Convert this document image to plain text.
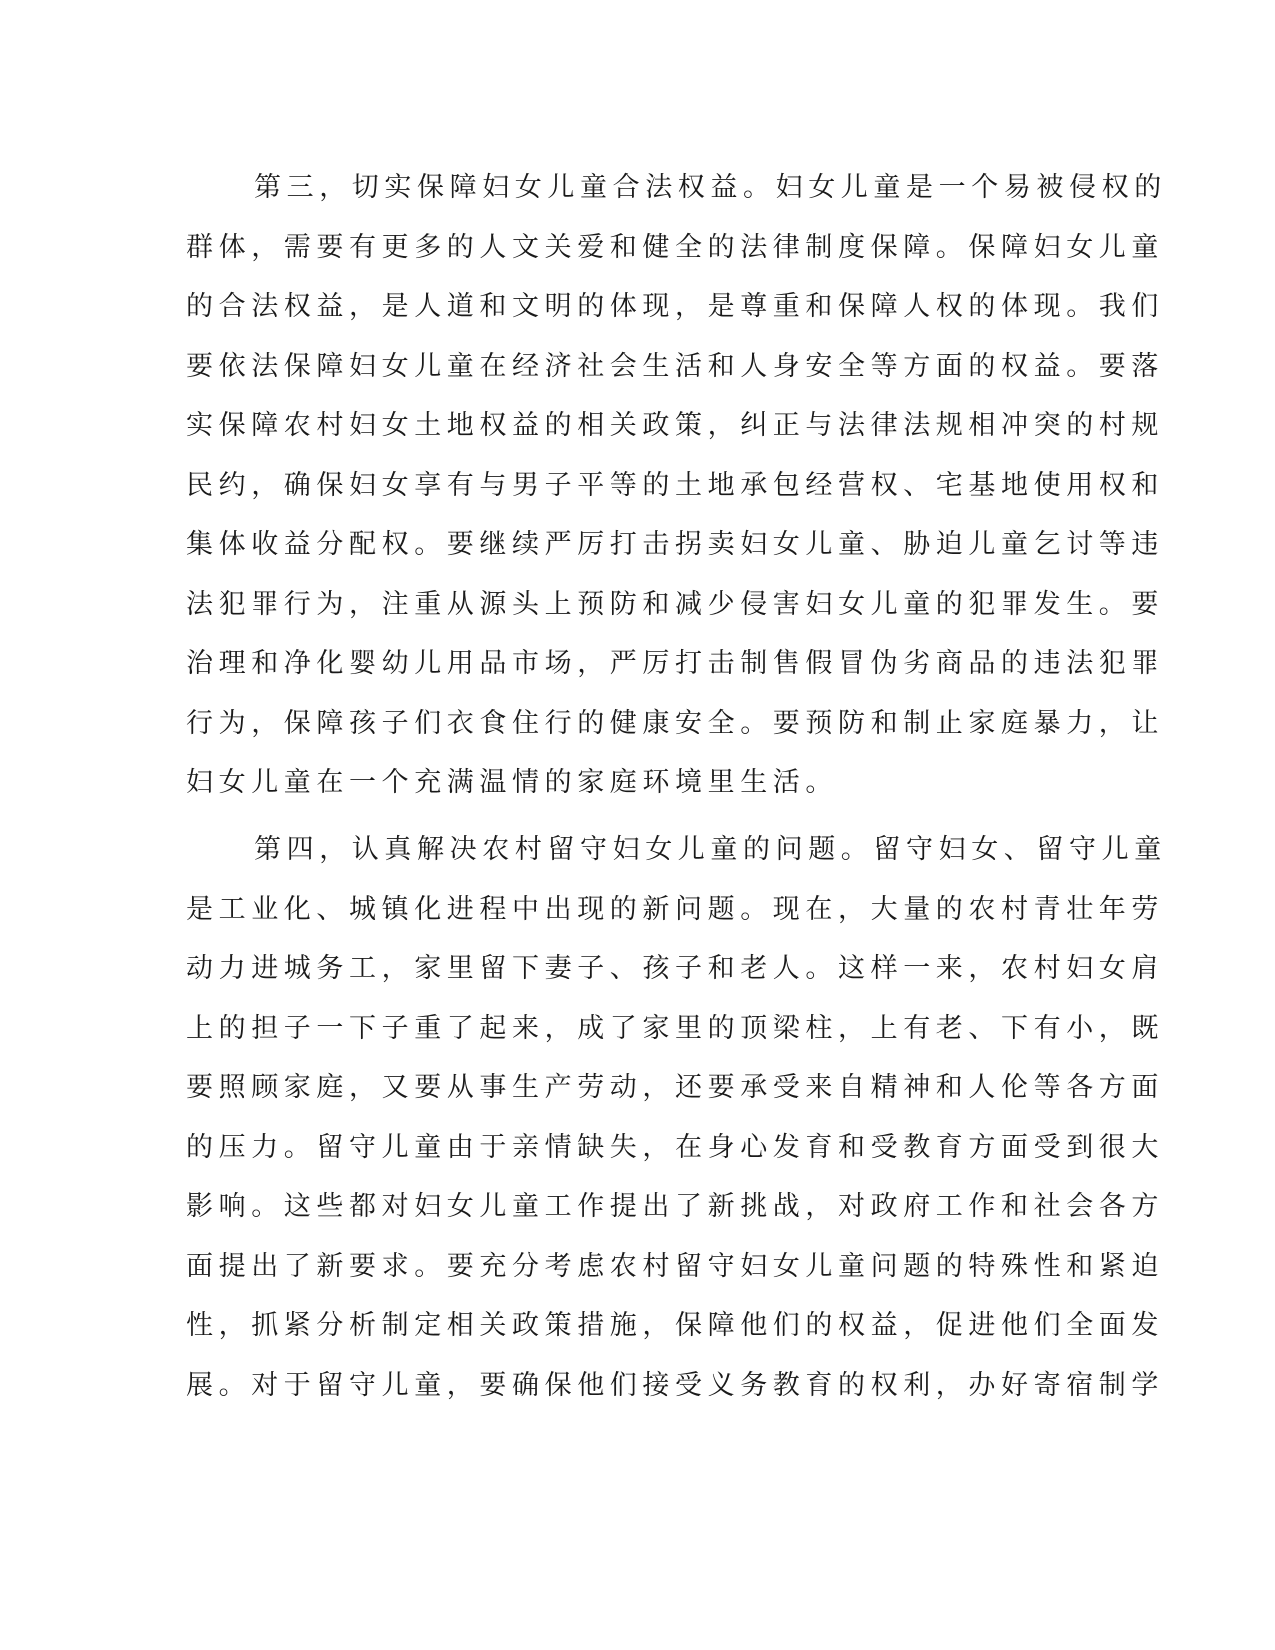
第三，切实保障妇女儿童合法权益。妇女儿童是一个易被侵权的
群体，需要有更多的人文关爱和健全的法律制度保障。保障妇女儿童
的合法权益，是人道和文明的体现，是尊重和保障人权的体现。我们
要依法保障妇女儿童在经济社会生活和人身安全等方面的权益。要落
实保障农村妇女土地权益的相关政策，纠正与法律法规相冲突的村规
民约，确保妇女享有与男子平等的土地承包经营权、宅基地使用权和
集体收益分配权。要继续严厉打击拐卖妇女儿童、胁迫儿童乞讨等违
法犯罪行为，注重从源头上预防和减少侵害妇女儿童的犯罪发生。要
治理和净化婴幼儿用品市场，严厉打击制售假冒伪劣商品的违法犯罪
行为，保障孩子们衣食住行的健康安全。要预防和制止家庭暴力，让
妇女儿童在一个充满温情的家庭环境里生活。
第四，认真解决农村留守妇女儿童的问题。留守妇女、留守儿童
是工业化、城镇化进程中出现的新问题。现在，大量的农村青壮年劳
动力进城务工，家里留下妻子、孩子和老人。这样一来，农村妇女肩
上的担子一下子重了起来，成了家里的顶梁柱，上有老、下有小，既
要照顾家庭，又要从事生产劳动，还要承受来自精神和人伦等各方面
的压力。留守儿童由于亲情缺失，在身心发育和受教育方面受到很大
影响。这些都对妇女儿童工作提出了新挑战，对政府工作和社会各方
面提出了新要求。要充分考虑农村留守妇女儿童问题的特殊性和紧迫
性，抓紧分析制定相关政策措施，保障他们的权益，促进他们全面发
展。对于留守儿童，要确保他们接受义务教育的权利，办好寄宿制学
